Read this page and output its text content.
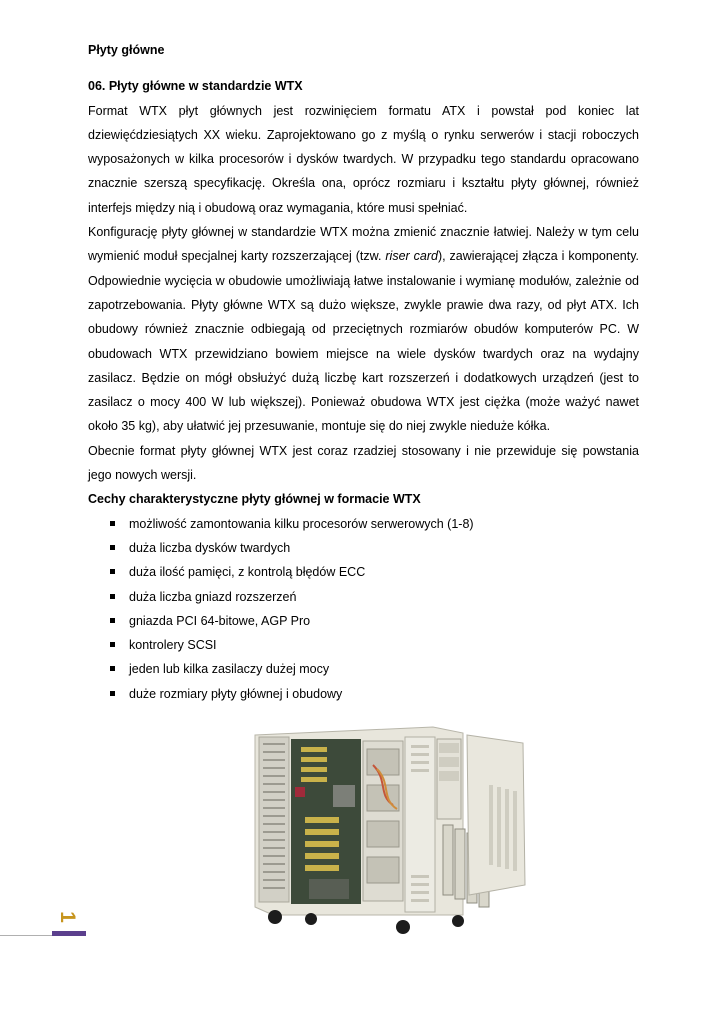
Płyty główne
06. Płyty główne w standardzie WTX

Format WTX płyt głównych jest rozwinięciem formatu ATX i powstał pod koniec lat dziewięćdziesiątych XX wieku. Zaprojektowano go z myślą o rynku serwerów i stacji roboczych wyposażonych w kilka procesorów i dysków twardych. W przypadku tego standardu opracowano znacznie szerszą specyfikację. Określa ona, oprócz rozmiaru i kształtu płyty głównej, również interfejs między nią i obudową oraz wymagania, które musi spełniać.

Konfigurację płyty głównej w standardzie WTX można zmienić znacznie łatwiej. Należy w tym celu wymienić moduł specjalnej karty rozszerzającej (tzw. riser card), zawierającej złącza i komponenty. Odpowiednie wycięcia w obudowie umożliwiają łatwe instalowanie i wymianę modułów, zależnie od zapotrzebowania. Płyty główne WTX są dużo większe, zwykle prawie dwa razy, od płyt ATX. Ich obudowy również znacznie odbiegają od przeciętnych rozmiarów obudów komputerów PC. W obudowach WTX przewidziano bowiem miejsce na wiele dysków twardych oraz na wydajny zasilacz. Będzie on mógł obsłużyć dużą liczbę kart rozszerzeń i dodatkowych urządzeń (jest to zasilacz o mocy 400 W lub większej). Ponieważ obudowa WTX jest ciężka (może ważyć nawet około 35 kg), aby ułatwić jej przesuwanie, montuje się do niej zwykle nieduże kółka.

Obecnie format płyty głównej WTX jest coraz rzadziej stosowany i nie przewiduje się powstania jego nowych wersji.

Cechy charakterystyczne płyty głównej w formacie WTX
możliwość zamontowania kilku procesorów serwerowych (1-8)
duża liczba dysków twardych
duża ilość pamięci, z kontrolą błędów ECC
duża liczba gniazd rozszerzeń
gniazda PCI 64-bitowe, AGP Pro
kontrolery SCSI
jeden lub kilka zasilaczy dużej mocy
duże rozmiary płyty głównej i obudowy
1
